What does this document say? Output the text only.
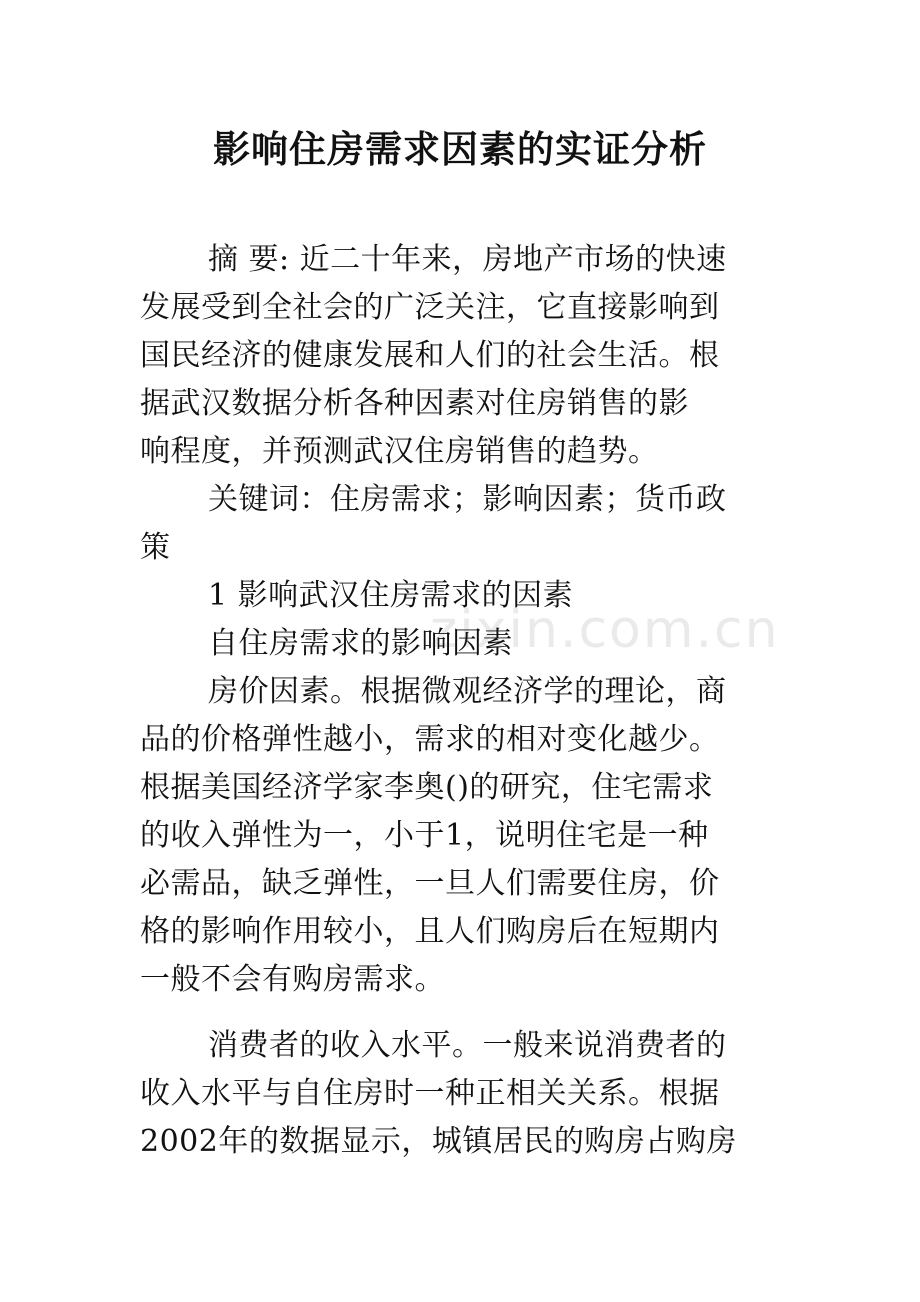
影响住房需求因素的实证分析
zixin.com.cn
摘 要: 近二十年来，房地产市场的快速
发展受到全社会的广泛关注，它直接影响到
国民经济的健康发展和人们的社会生活。根
据武汉数据分析各种因素对住房销售的影
响程度，并预测武汉住房销售的趋势。
关键词：住房需求；影响因素；货币政
策
1 影响武汉住房需求的因素
自住房需求的影响因素
房价因素。根据微观经济学的理论，商
品的价格弹性越小，需求的相对变化越少。
根据美国经济学家李奥()的研究，住宅需求
的收入弹性为一，小于1，说明住宅是一种
必需品，缺乏弹性，一旦人们需要住房，价
格的影响作用较小，且人们购房后在短期内
一般不会有购房需求。
消费者的收入水平。一般来说消费者的
收入水平与自住房时一种正相关关系。根据
2002年的数据显示，城镇居民的购房占购房
